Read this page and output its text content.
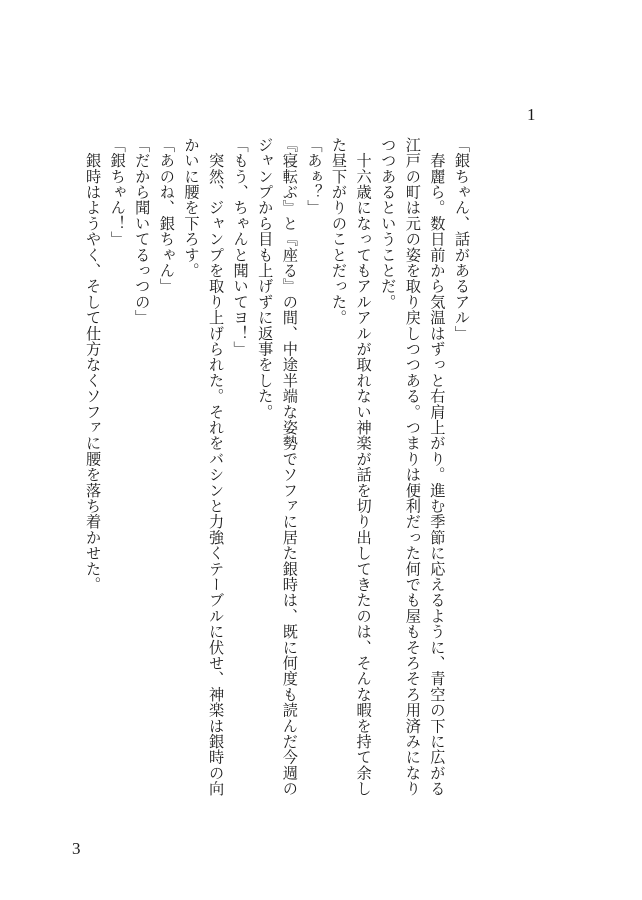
1

「銀ちゃん、話があるアル」

　春麗ら。数日前から気温はずっと右肩上がり。進む季節に応えるように、青空の下に広がる江戸の町は元の姿を取り戻しつつある。つまりは便利だった何でも屋もそろそろ用済みになりつつあるということだ。

　十六歳になってもアルアルが取れない神楽が話を切り出してきたのは、そんな暇を持て余した昼下がりのことだった。

「あぁ？」

『寝転ぶ』と『座る』の間、中途半端な姿勢でソファに居た銀時は、既に何度も読んだ今週のジャンプから目も上げずに返事をした。

「もう、ちゃんと聞いてヨ！」

　突然、ジャンプを取り上げられた。それをバシンと力強くテーブルに伏せ、神楽は銀時の向かいに腰を下ろす。

「あのね、銀ちゃん」

「だから聞いてるっつの」

「銀ちゃん！」

　銀時はようやく、そして仕方なくソファに腰を落ち着かせた。

3
